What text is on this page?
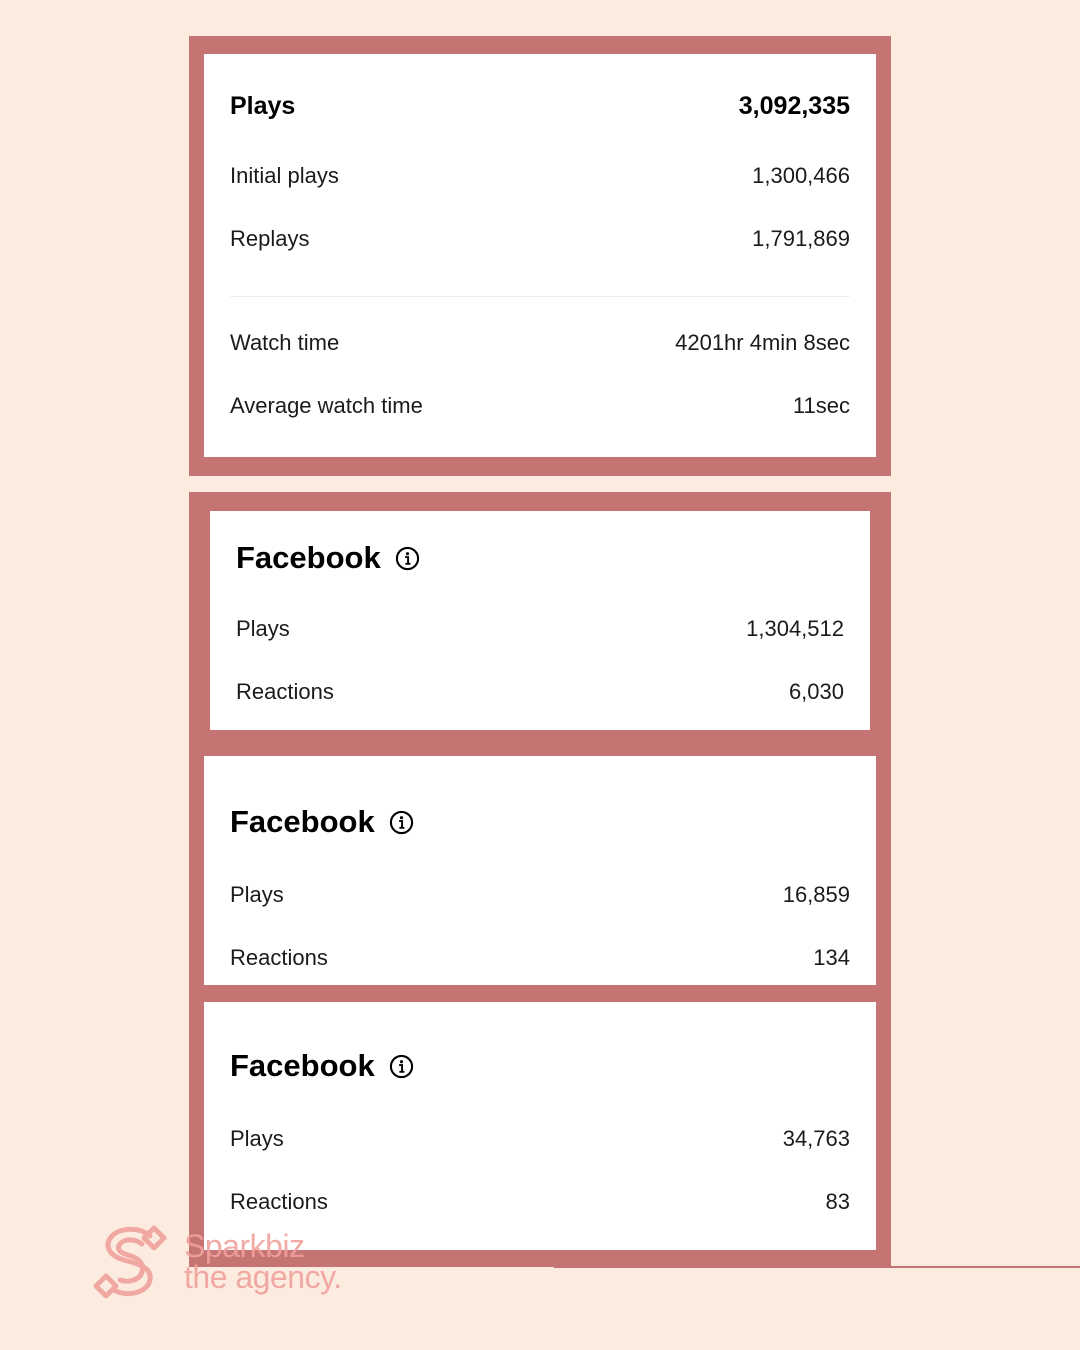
Plays	3,092,335
Initial plays	1,300,466
Replays	1,791,869
Watch time	4201hr 4min 8sec
Average watch time	11sec
Facebook
Plays	1,304,512
Reactions	6,030
Facebook
Plays	16,859
Reactions	134
Facebook
Plays	34,763
Reactions	83
Sparkbiz
the agency.
